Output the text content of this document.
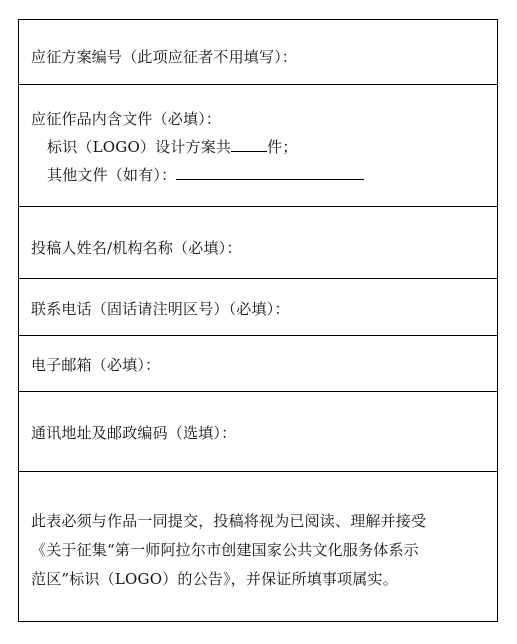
应征方案编号（此项应征者不用填写）：
应征作品内含文件（必填）：
标识（LOGO）设计方案共 件；
其他文件（如有）：
投稿人姓名/机构名称（必填）：
联系电话（固话请注明区号）（必填）：
电子邮箱（必填）：
通讯地址及邮政编码（选填）：
此表必须与作品一同提交，投稿将视为已阅读、理解并接受
《关于征集“第一师阿拉尔市创建国家公共文化服务体系示
范区”标识（LOGO）的公告》，并保证所填事项属实。
